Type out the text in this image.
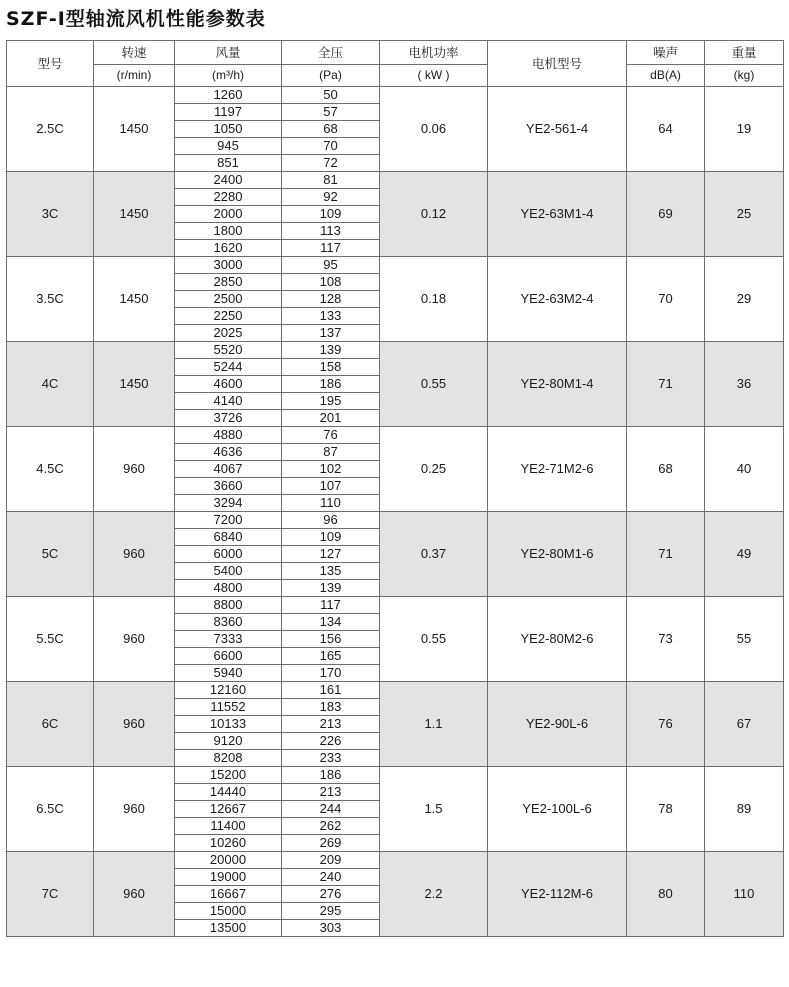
SZF-Ⅰ型轴流风机性能参数表
型号	转速	风量	全压	电机功率	电机型号	噪声	重量
	(r/min)	(m³/h)	(Pa)	( kW )		dB(A)	(kg)
2.5C	1450	1260	50	0.06	YE2-561-4	64	19
		1197	57				
		1050	68				
		945	70				
		851	72				
3C	1450	2400	81	0.12	YE2-63M1-4	69	25
		2280	92				
		2000	109				
		1800	113				
		1620	117				
3.5C	1450	3000	95	0.18	YE2-63M2-4	70	29
		2850	108				
		2500	128				
		2250	133				
		2025	137				
4C	1450	5520	139	0.55	YE2-80M1-4	71	36
		5244	158				
		4600	186				
		4140	195				
		3726	201				
4.5C	960	4880	76	0.25	YE2-71M2-6	68	40
		4636	87				
		4067	102				
		3660	107				
		3294	110				
5C	960	7200	96	0.37	YE2-80M1-6	71	49
		6840	109				
		6000	127				
		5400	135				
		4800	139				
5.5C	960	8800	117	0.55	YE2-80M2-6	73	55
		8360	134				
		7333	156				
		6600	165				
		5940	170				
6C	960	12160	161	1.1	YE2-90L-6	76	67
		11552	183				
		10133	213				
		9120	226				
		8208	233				
6.5C	960	15200	186	1.5	YE2-100L-6	78	89
		14440	213				
		12667	244				
		11400	262				
		10260	269				
7C	960	20000	209	2.2	YE2-112M-6	80	110
		19000	240				
		16667	276				
		15000	295				
		13500	303				
